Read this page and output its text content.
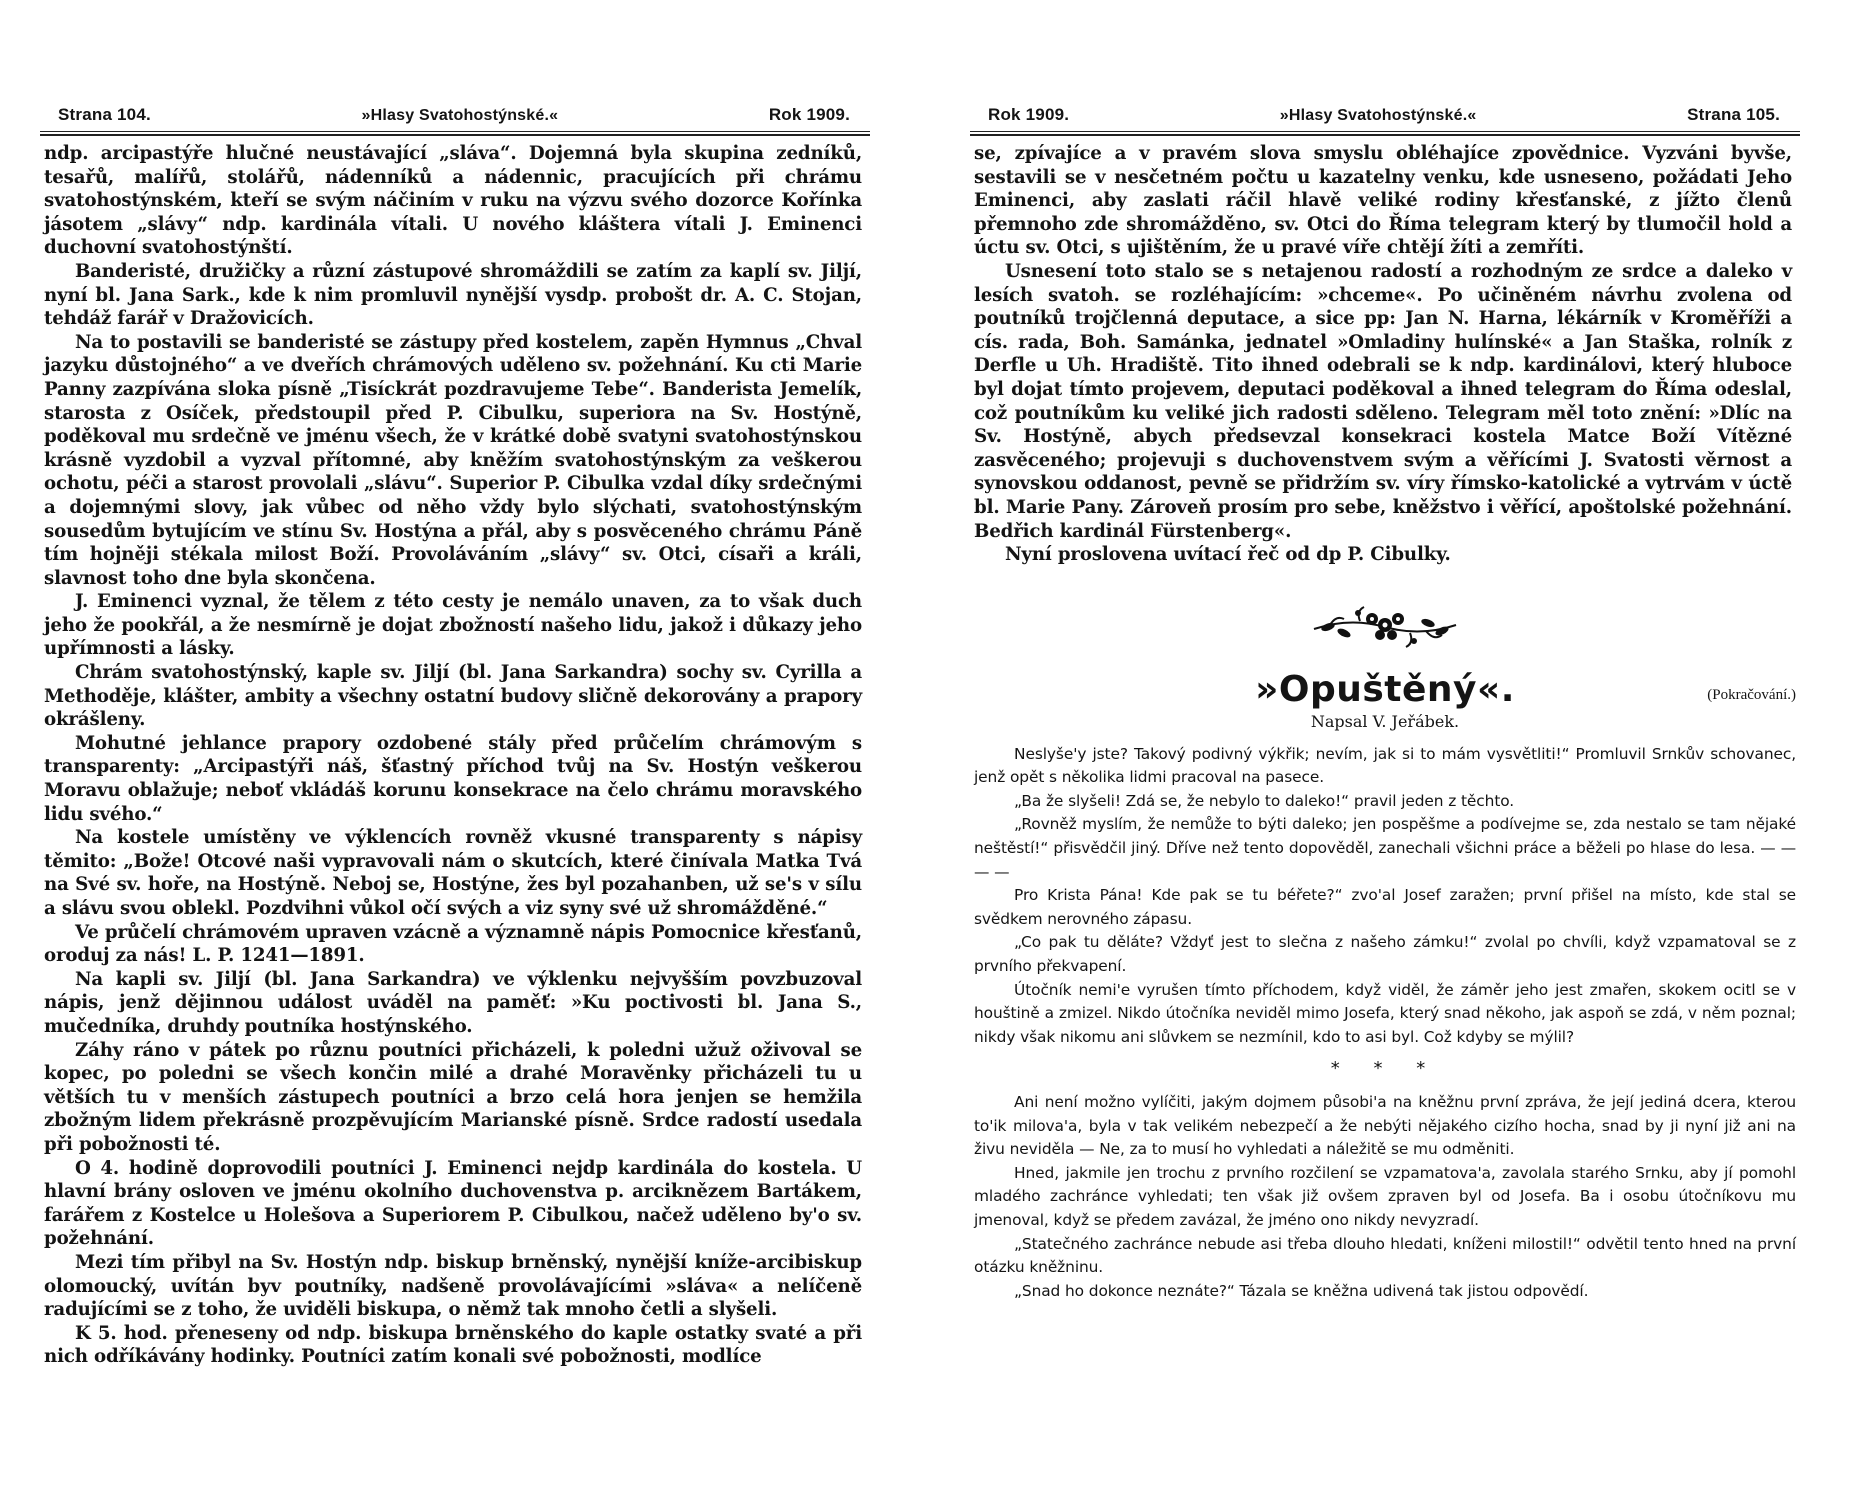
Strana 104.	»Hlasy Svatohostýnské.«	Rok 1909.

ndp. arcipastýře hlučné neustávající „sláva“. Dojemná byla skupina zedníků, tesařů, malířů, stolářů, nádenníků a nádennic, pracujících při chrámu svatohostýnském, kteří se svým náčiním v ruku na výzvu svého dozorce Kořínka jásotem „slávy“ ndp. kardinála vítali. U nového kláštera vítali J. Eminenci duchovní svatohostýnští.

Banderisté, družičky a různí zástupové shromáždili se zatím za kaplí sv. Jiljí, nyní bl. Jana Sark., kde k nim promluvil nynější vysdp. probošt dr. A. C. Stojan, tehdáž farář v Dražovicích.

Na to postavili se banderisté se zástupy před kostelem, zapěn Hymnus „Chval jazyku důstojného“ a ve dveřích chrámových uděleno sv. požehnání. Ku cti Marie Panny zazpívána sloka písně „Tisíckrát pozdravujeme Tebe“. Banderista Jemelík, starosta z Osíček, předstoupil před P. Cibulku, superiora na Sv. Hostýně, poděkoval mu srdečně ve jménu všech, že v krátké době svatyni svatohostýnskou krásně vyzdobil a vyzval přítomné, aby kněžím svatohostýnským za veškerou ochotu, péči a starost provolali „slávu“. Superior P. Cibulka vzdal díky srdečnými a dojemnými slovy, jak vůbec od něho vždy bylo slýchati, svatohostýnským sousedům bytujícím ve stínu Sv. Hostýna a přál, aby s posvěceného chrámu Páně tím hojněji stékala milost Boží. Provoláváním „slávy“ sv. Otci, císaři a králi, slavnost toho dne byla skončena.

J. Eminenci vyznal, že tělem z této cesty je nemálo unaven, za to však duch jeho že pookřál, a že nesmírně je dojat zbožností našeho lidu, jakož i důkazy jeho upřímnosti a lásky.

Chrám svatohostýnský, kaple sv. Jiljí (bl. Jana Sarkandra) sochy sv. Cyrilla a Methoděje, klášter, ambity a všechny ostatní budovy sličně dekorovány a prapory okrášleny.

Mohutné jehlance prapory ozdobené stály před průčelím chrámovým s transparenty: „Arcipastýři náš, šťastný příchod tvůj na Sv. Hostýn veškerou Moravu oblažuje; neboť vkládáš korunu konsekrace na čelo chrámu moravského lidu svého.“

Na kostele umístěny ve výklencích rovněž vkusné transparenty s nápisy těmito: „Bože! Otcové naši vypravovali nám o skutcích, které činívala Matka Tvá na Své sv. hoře, na Hostýně. Neboj se, Hostýne, žes byl pozahanben, už se's v sílu a slávu svou oblekl. Pozdvihni vůkol očí svých a viz syny své už shromážděné.“

Ve průčelí chrámovém upraven vzácně a významně nápis Pomocnice křesťanů, oroduj za nás! L. P. 1241—1891.

Na kapli sv. Jiljí (bl. Jana Sarkandra) ve výklenku nejvyšším povzbuzoval nápis, jenž dějinnou událost uváděl na paměť: »Ku poctivosti bl. Jana S., mučedníka, druhdy poutníka hostýnského.

Záhy ráno v pátek po různu poutníci přicházeli, k poledni užuž oživoval se kopec, po poledni se všech končin milé a drahé Moravěnky přicházeli tu u větších tu v menších zástupech poutníci a brzo celá hora jenjen se hemžila zbožným lidem překrásně prozpěvujícím Marianské písně. Srdce radostí usedala při pobožnosti té.

O 4. hodině doprovodili poutníci J. Eminenci nejdp kardinála do kostela. U hlavní brány osloven ve jménu okolního duchovenstva p. arciknězem Bartákem, farářem z Kostelce u Holešova a Superiorem P. Cibulkou, načež uděleno by'o sv. požehnání.

Mezi tím přibyl na Sv. Hostýn ndp. biskup brněnský, nynější kníže-arcibiskup olomoucký, uvítán byv poutníky, nadšeně provolávajícími »sláva« a nelíčeně radujícími se z toho, že uviděli biskupa, o němž tak mnoho četli a slyšeli.

K 5. hod. přeneseny od ndp. biskupa brněnského do kaple ostatky svaté a při nich odříkávány hodinky. Poutníci zatím konali své pobožnosti, modlíce

Rok 1909.	»Hlasy Svatohostýnské.«	Strana 105.

se, zpívajíce a v pravém slova smyslu obléhajíce zpovědnice. Vyzváni byvše, sestavili se v nesčetném počtu u kazatelny venku, kde usneseno, požádati Jeho Eminenci, aby zaslati ráčil hlavě veliké rodiny křesťanské, z jížto členů přemnoho zde shromážděno, sv. Otci do Říma telegram který by tlumočil hold a úctu sv. Otci, s ujištěním, že u pravé víře chtějí žíti a zemříti.

Usnesení toto stalo se s netajenou radostí a rozhodným ze srdce a daleko v lesích svatoh. se rozléhajícím: »chceme«. Po učiněném návrhu zvolena od poutníků trojčlenná deputace, a sice pp: Jan N. Harna, lékárník v Kroměříži a cís. rada, Boh. Samánka, jednatel »Omladiny hulínské« a Jan Staška, rolník z Derfle u Uh. Hradiště. Tito ihned odebrali se k ndp. kardinálovi, který hluboce byl dojat tímto projevem, deputaci poděkoval a ihned telegram do Říma odeslal, což poutníkům ku veliké jich radosti sděleno. Telegram měl toto znění: »Dlíc na Sv. Hostýně, abych předsevzal konsekraci kostela Matce Boží Vítězné zasvěceného; projevuji s duchovenstvem svým a věřícími J. Svatosti věrnost a synovskou oddanost, pevně se přidržím sv. víry římsko-katolické a vytrvám v úctě bl. Marie Pany. Zároveň prosím pro sebe, kněžstvo i věřící, apoštolské požehnání. Bedřich kardinál Fürstenberg«.

Nyní proslovena uvítací řeč od dp P. Cibulky.

»Opuštěný«.	(Pokračování.)
Napsal V. Jeřábek.

Neslyše'y jste? Takový podivný výkřik; nevím, jak si to mám vysvětliti!“ Promluvil Srnkův schovanec, jenž opět s několika lidmi pracoval na pasece.

„Ba že slyšeli! Zdá se, že nebylo to daleko!“ pravil jeden z těchto.

„Rovněž myslím, že nemůže to býti daleko; jen pospěšme a podívejme se, zda nestalo se tam nějaké neštěstí!“ přisvědčil jiný. Dříve než tento dopověděl, zanechali všichni práce a běželi po hlase do lesa. — — — —

Pro Krista Pána! Kde pak se tu béřete?“ zvo'al Josef zaražen; první přišel na místo, kde stal se svědkem nerovného zápasu.

„Co pak tu děláte? Vždyť jest to slečna z našeho zámku!“ zvolal po chvíli, když vzpamatoval se z prvního překvapení.

Útočník nemi'e vyrušen tímto příchodem, když viděl, že záměr jeho jest zmařen, skokem ocitl se v houštině a zmizel. Nikdo útočníka neviděl mimo Josefa, který snad někoho, jak aspoň se zdá, v něm poznal; nikdy však nikomu ani slůvkem se nezmínil, kdo to asi byl. Což kdyby se mýlil?

* * *

Ani není možno vylíčiti, jakým dojmem působi'a na kněžnu první zpráva, že její jediná dcera, kterou to'ik milova'a, byla v tak velikém nebezpečí a že nebýti nějakého cizího hocha, snad by ji nyní již ani na živu neviděla — Ne, za to musí ho vyhledati a náležitě se mu odměniti.

Hned, jakmile jen trochu z prvního rozčilení se vzpamatova'a, zavolala starého Srnku, aby jí pomohl mladého zachránce vyhledati; ten však již ovšem zpraven byl od Josefa. Ba i osobu útočníkovu mu jmenoval, když se předem zavázal, že jméno ono nikdy nevyzradí.

„Statečného zachránce nebude asi třeba dlouho hledati, kníženi milostil!“ odvětil tento hned na první otázku kněžninu.

„Snad ho dokonce neznáte?“ Tázala se kněžna udivená tak jistou odpovědí.
